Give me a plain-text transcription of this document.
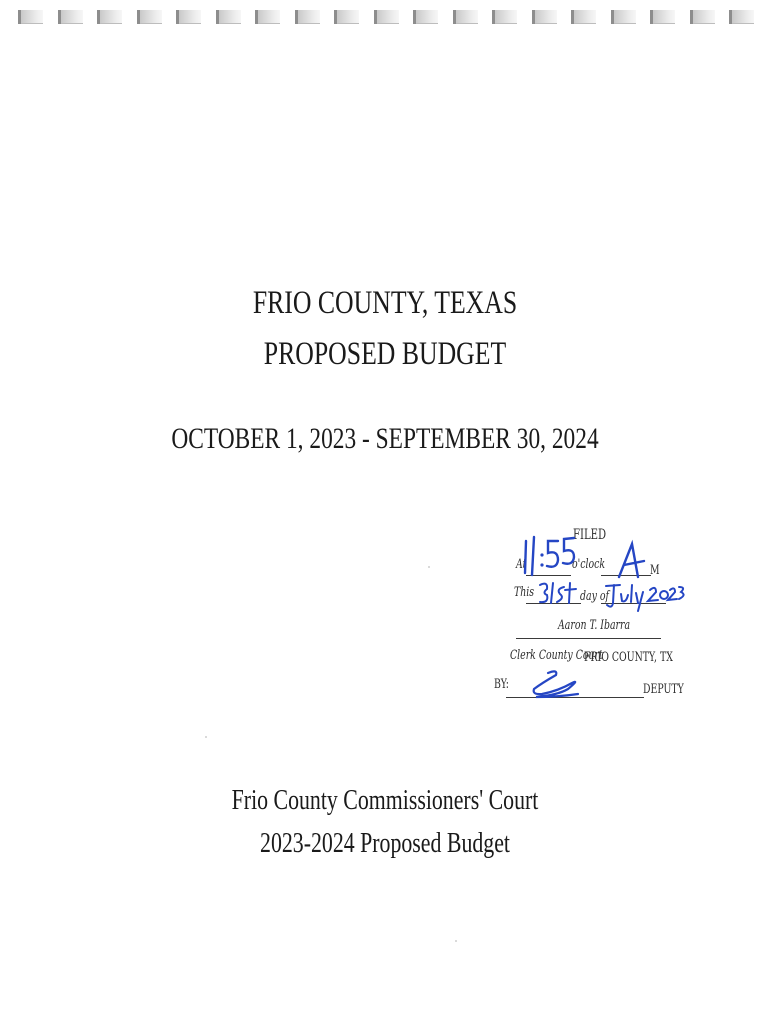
FRIO COUNTY, TEXAS
PROPOSED BUDGET
OCTOBER 1, 2023 - SEPTEMBER 30, 2024
FILED
At	o'clock	M
This	day of
Aaron T. Ibarra
Clerk County Court
FRIO COUNTY, TX
BY:	DEPUTY
Frio County Commissioners' Court
2023-2024 Proposed Budget
